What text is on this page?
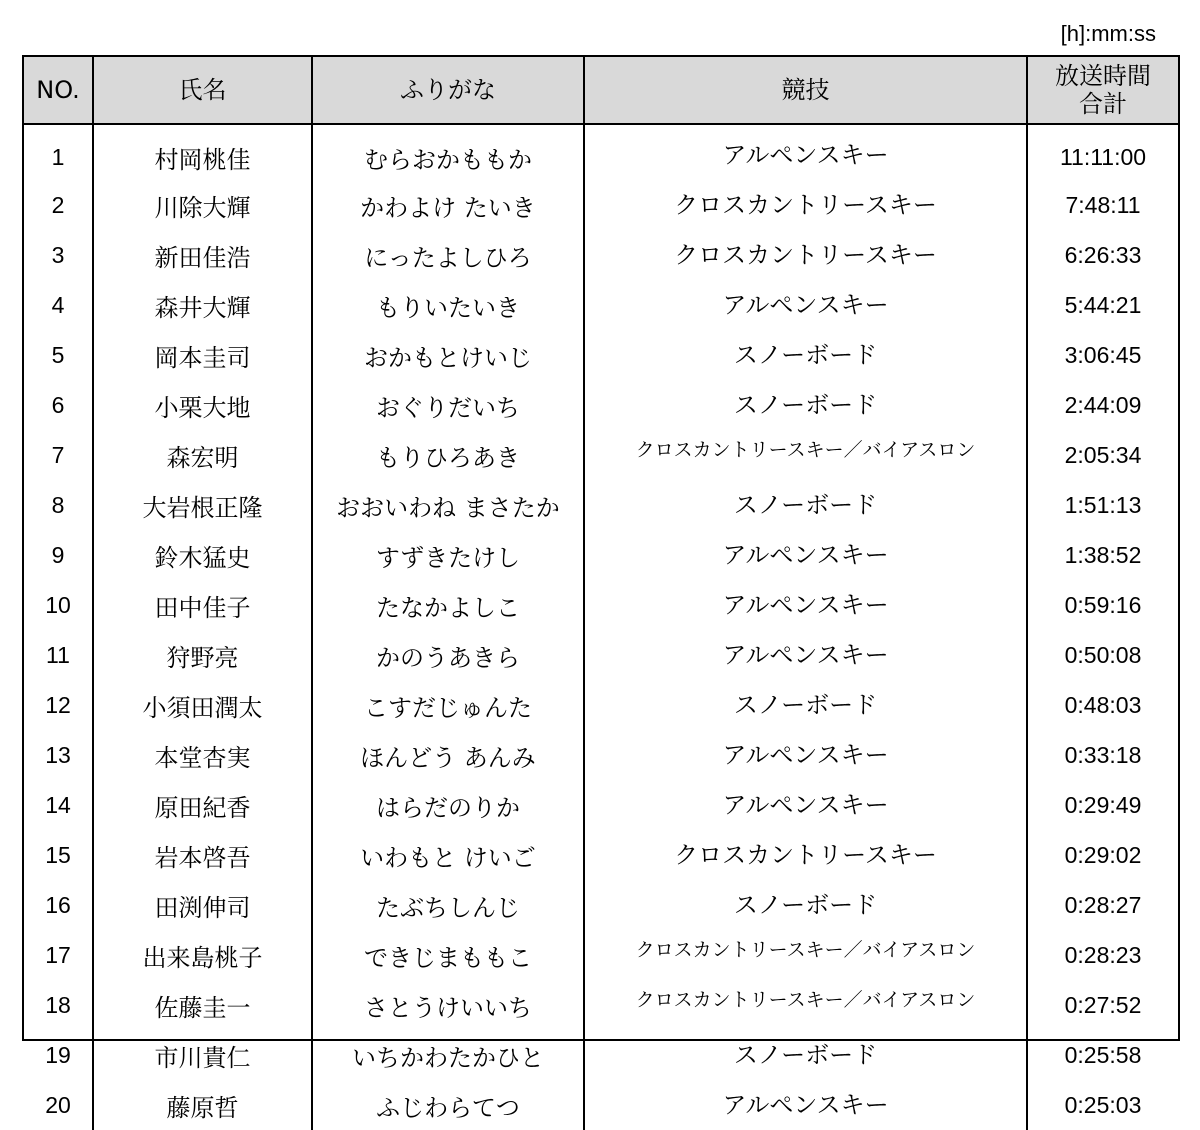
[h]:mm:ss
NO.	氏名	ふりがな	競技	放送時間
合計

1	村岡桃佳	むらおかももか	アルペンスキー	11:11:00
2	川除大輝	かわよけ たいき	クロスカントリースキー	7:48:11
3	新田佳浩	にったよしひろ	クロスカントリースキー	6:26:33
4	森井大輝	もりいたいき	アルペンスキー	5:44:21
5	岡本圭司	おかもとけいじ	スノーボード	3:06:45
6	小栗大地	おぐりだいち	スノーボード	2:44:09
7	森宏明	もりひろあき	クロスカントリースキー／バイアスロン	2:05:34
8	大岩根正隆	おおいわね まさたか	スノーボード	1:51:13
9	鈴木猛史	すずきたけし	アルペンスキー	1:38:52
10	田中佳子	たなかよしこ	アルペンスキー	0:59:16
11	狩野亮	かのうあきら	アルペンスキー	0:50:08
12	小須田潤太	こすだじゅんた	スノーボード	0:48:03
13	本堂杏実	ほんどう あんみ	アルペンスキー	0:33:18
14	原田紀香	はらだのりか	アルペンスキー	0:29:49
15	岩本啓吾	いわもと けいご	クロスカントリースキー	0:29:02
16	田渕伸司	たぶちしんじ	スノーボード	0:28:27
17	出来島桃子	できじまももこ	クロスカントリースキー／バイアスロン	0:28:23
18	佐藤圭一	さとうけいいち	クロスカントリースキー／バイアスロン	0:27:52
19	市川貴仁	いちかわたかひと	スノーボード	0:25:58
20	藤原哲	ふじわらてつ	アルペンスキー	0:25:03
